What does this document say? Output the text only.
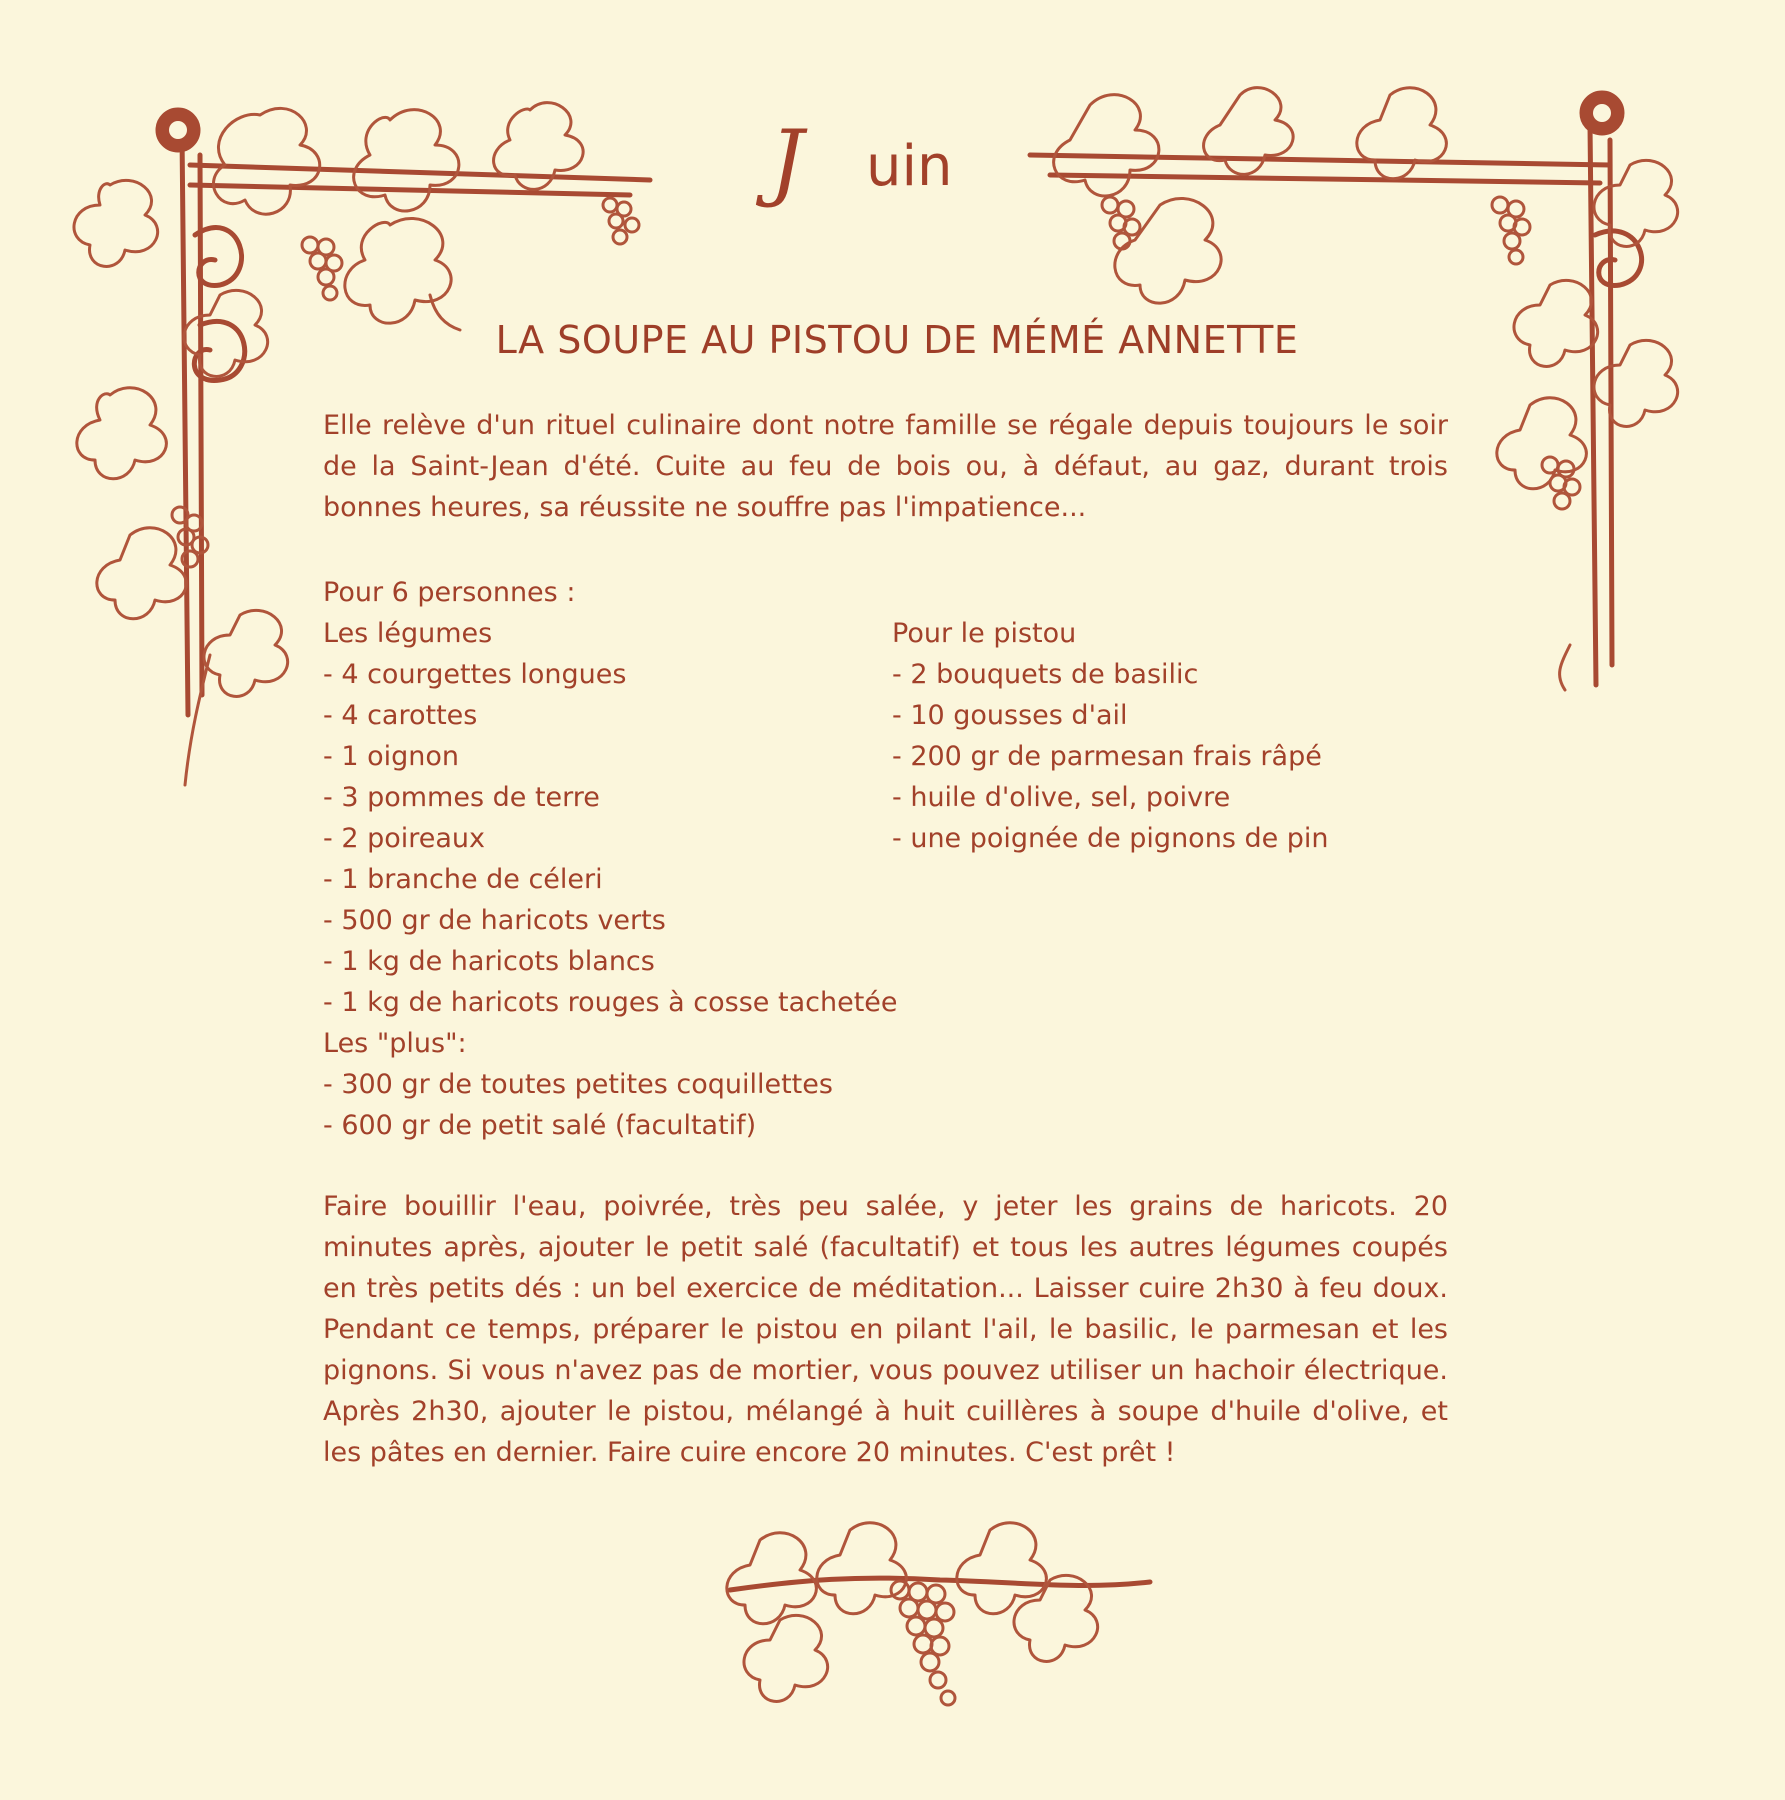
J uin
LA SOUPE AU PISTOU DE MÉMÉ ANNETTE
Elle relève d'un rituel culinaire dont notre famille se régale depuis toujours le soir de la Saint-Jean d'été. Cuite au feu de bois ou, à défaut, au gaz, durant trois bonnes heures, sa réussite ne souffre pas l'impatience...
Pour 6 personnes :
Les légumes
- 4 courgettes longues
- 4 carottes
- 1 oignon
- 3 pommes de terre
- 2 poireaux
- 1 branche de céleri
- 500 gr de haricots verts
- 1 kg de haricots blancs
- 1 kg de haricots rouges à cosse tachetée
Les "plus":
- 300 gr de toutes petites coquillettes
- 600 gr de petit salé (facultatif)
Pour le pistou
- 2 bouquets de basilic
- 10 gousses d'ail
- 200 gr de parmesan frais râpé
- huile d'olive, sel, poivre
- une poignée de pignons de pin
Faire bouillir l'eau, poivrée, très peu salée, y jeter les grains de haricots. 20 minutes après, ajouter le petit salé (facultatif) et tous les autres légumes coupés en très petits dés : un bel exercice de méditation... Laisser cuire 2h30 à feu doux. Pendant ce temps, préparer le pistou en pilant l'ail, le basilic, le parmesan et les pignons. Si vous n'avez pas de mortier, vous pouvez utiliser un hachoir électrique. Après 2h30, ajouter le pistou, mélangé à huit cuillères à soupe d'huile d'olive, et les pâtes en dernier. Faire cuire encore 20 minutes. C'est prêt !
